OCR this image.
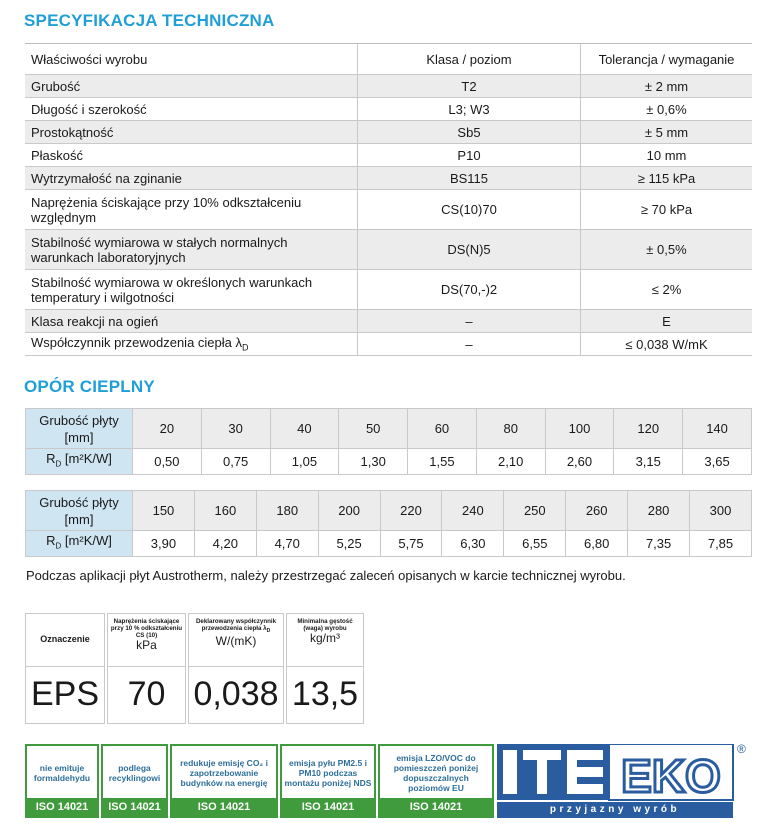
SPECYFIKACJA TECHNICZNA
Właściwości wyrobu	Klasa / poziom	Tolerancja / wymaganie
Grubość	T2	± 2 mm
Długość i szerokość	L3; W3	± 0,6%
Prostokątność	Sb5	± 5 mm
Płaskość	P10	10 mm
Wytrzymałość na zginanie	BS115	≥ 115 kPa
Naprężenia ściskające przy 10% odkształceniu względnym	CS(10)70	≥ 70 kPa
Stabilność wymiarowa w stałych normalnych warunkach laboratoryjnych	DS(N)5	± 0,5%
Stabilność wymiarowa w określonych warunkach temperatury i wilgotności	DS(70,-)2	≤ 2%
Klasa reakcji na ogień	–	E
Współczynnik przewodzenia ciepła $\lambda_D$	–	≤ 0,038 W/mK
OPÓR CIEPLNY
Grubość płyty [mm]	20	30	40	50	60	80	100	120	140
$R_D$ [m²K/W]	0,50	0,75	1,05	1,30	1,55	2,10	2,60	3,15	3,65
Grubość płyty [mm]	150	160	180	200	220	240	250	260	280	300
$R_D$ [m²K/W]	3,90	4,20	4,70	5,25	5,75	6,30	6,55	6,80	7,35	7,85
Podczas aplikacji płyt Austrotherm, należy przestrzegać zaleceń opisanych w karcie technicznej wyrobu.
Oznaczenie
EPS
Naprężenia ściskające przy 10 % odkształceniu CS (10)
kPa
70
Deklarowany współczynnik przewodzenia ciepła $\lambda_D$
W/(mK)
0,038
Minimalna gęstość (waga) wyrobu
kg/m³
13,5
nie emituje formaldehydu
ISO 14021
podlega recyklingowi
ISO 14021
redukuje emisję CO₂ i zapotrzebowanie budynków na energię
ISO 14021
emisja pyłu PM2.5 i PM10 podczas montażu poniżej NDS
ISO 14021
emisja LZO/VOC do pomieszczeń poniżej dopuszczalnych poziomów EU
ISO 14021
EKO
®
przyjazny wyrób
